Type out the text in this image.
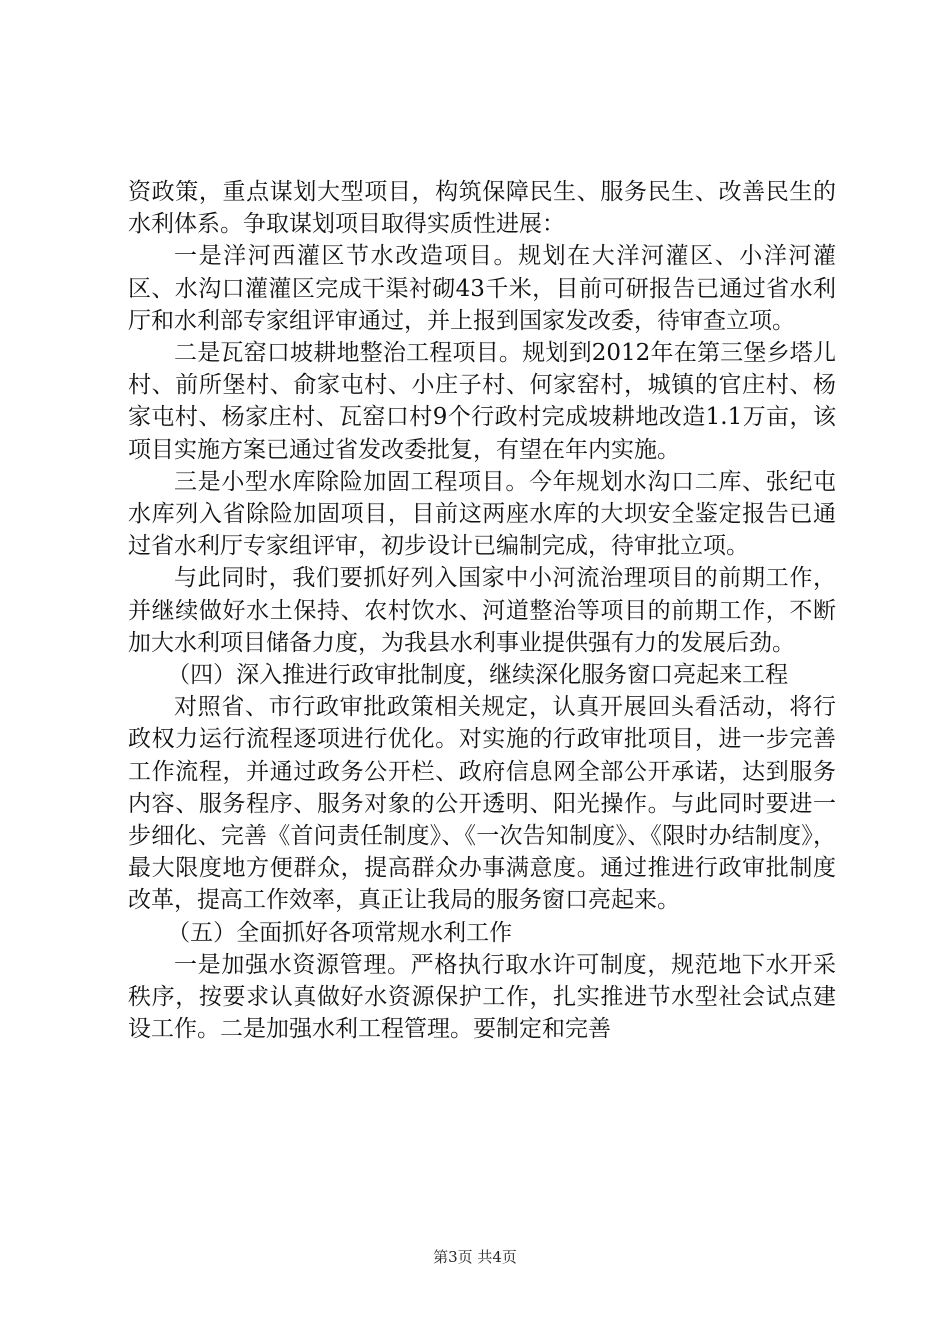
资政策，重点谋划大型项目，构筑保障民生、服务民生、改善民生的水利体系。争取谋划项目取得实质性进展：

一是洋河西灌区节水改造项目。规划在大洋河灌区、小洋河灌区、水沟口灌灌区完成干渠衬砌43千米，目前可研报告已通过省水利厅和水利部专家组评审通过，并上报到国家发改委，待审查立项。

二是瓦窑口坡耕地整治工程项目。规划到2012年在第三堡乡塔儿村、前所堡村、俞家屯村、小庄子村、何家窑村，城镇的官庄村、杨家屯村、杨家庄村、瓦窑口村9个行政村完成坡耕地改造1.1万亩，该项目实施方案已通过省发改委批复，有望在年内实施。

三是小型水库除险加固工程项目。今年规划水沟口二库、张纪屯水库列入省除险加固项目，目前这两座水库的大坝安全鉴定报告已通过省水利厅专家组评审，初步设计已编制完成，待审批立项。

与此同时，我们要抓好列入国家中小河流治理项目的前期工作，并继续做好水土保持、农村饮水、河道整治等项目的前期工作，不断加大水利项目储备力度，为我县水利事业提供强有力的发展后劲。

（四）深入推进行政审批制度，继续深化服务窗口亮起来工程

对照省、市行政审批政策相关规定，认真开展回头看活动，将行政权力运行流程逐项进行优化。对实施的行政审批项目，进一步完善工作流程，并通过政务公开栏、政府信息网全部公开承诺，达到服务内容、服务程序、服务对象的公开透明、阳光操作。与此同时要进一步细化、完善《首问责任制度》、《一次告知制度》、《限时办结制度》，最大限度地方便群众，提高群众办事满意度。通过推进行政审批制度改革，提高工作效率，真正让我局的服务窗口亮起来。

（五）全面抓好各项常规水利工作

一是加强水资源管理。严格执行取水许可制度，规范地下水开采秩序，按要求认真做好水资源保护工作，扎实推进节水型社会试点建设工作。二是加强水利工程管理。要制定和完善

第3页 共4页
